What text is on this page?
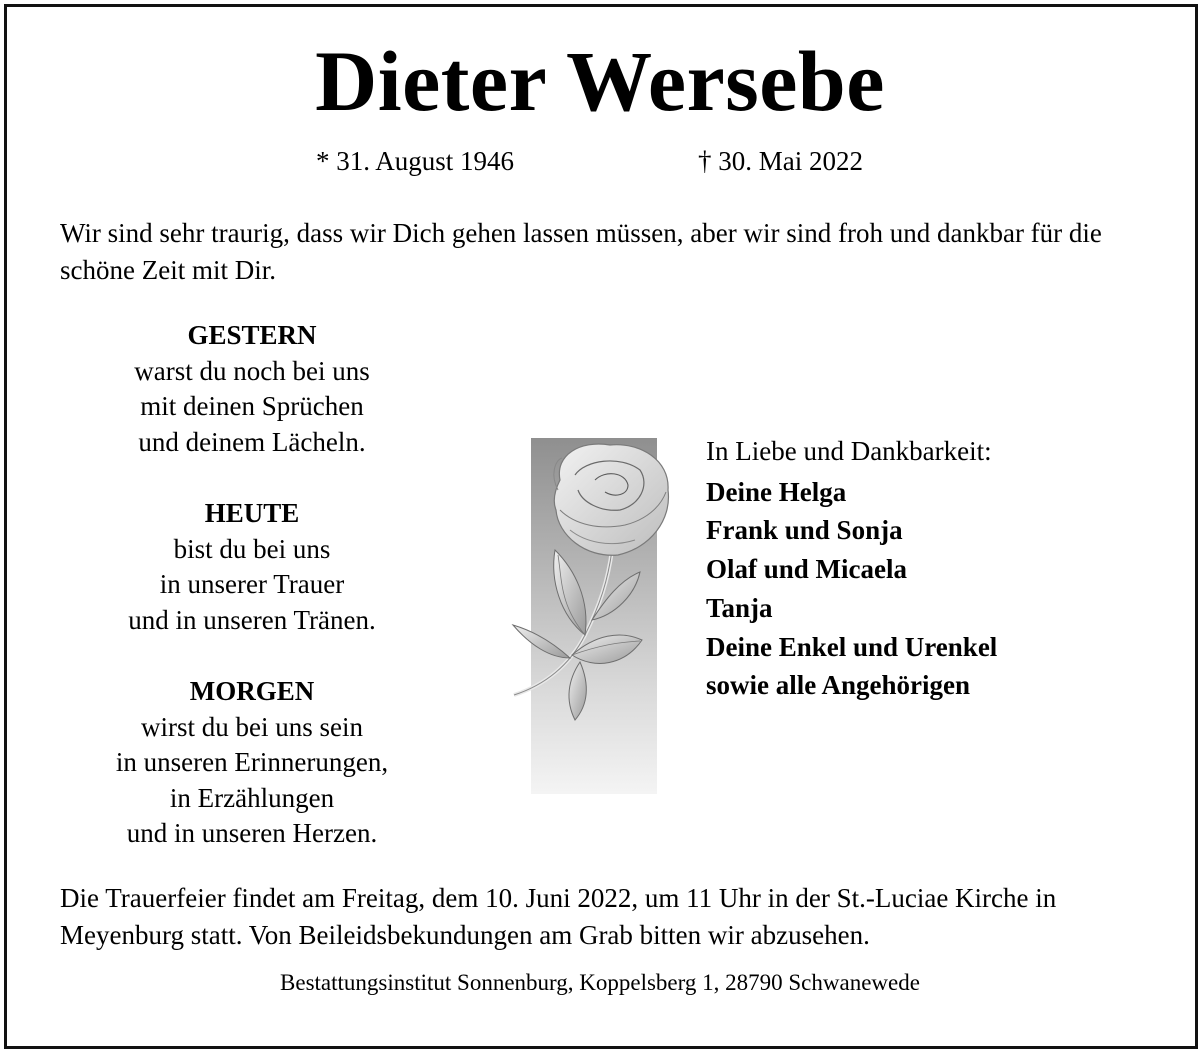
Dieter Wersebe
* 31. August 1946	† 30. Mai 2022
Wir sind sehr traurig, dass wir Dich gehen lassen müssen, aber wir sind froh und dankbar für die schöne Zeit mit Dir.
GESTERN
warst du noch bei uns
mit deinen Sprüchen
und deinem Lächeln.
HEUTE
bist du bei uns
in unserer Trauer
und in unseren Tränen.
MORGEN
wirst du bei uns sein
in unseren Erinnerungen,
in Erzählungen
und in unseren Herzen.
In Liebe und Dankbarkeit:
Deine Helga
Frank und Sonja
Olaf und Micaela
Tanja
Deine Enkel und Urenkel
sowie alle Angehörigen
Die Trauerfeier findet am Freitag, dem 10. Juni 2022, um 11 Uhr in der St.-Luciae Kirche in Meyenburg statt. Von Beileidsbekundungen am Grab bitten wir abzusehen.
Bestattungsinstitut Sonnenburg, Koppelsberg 1, 28790 Schwanewede
